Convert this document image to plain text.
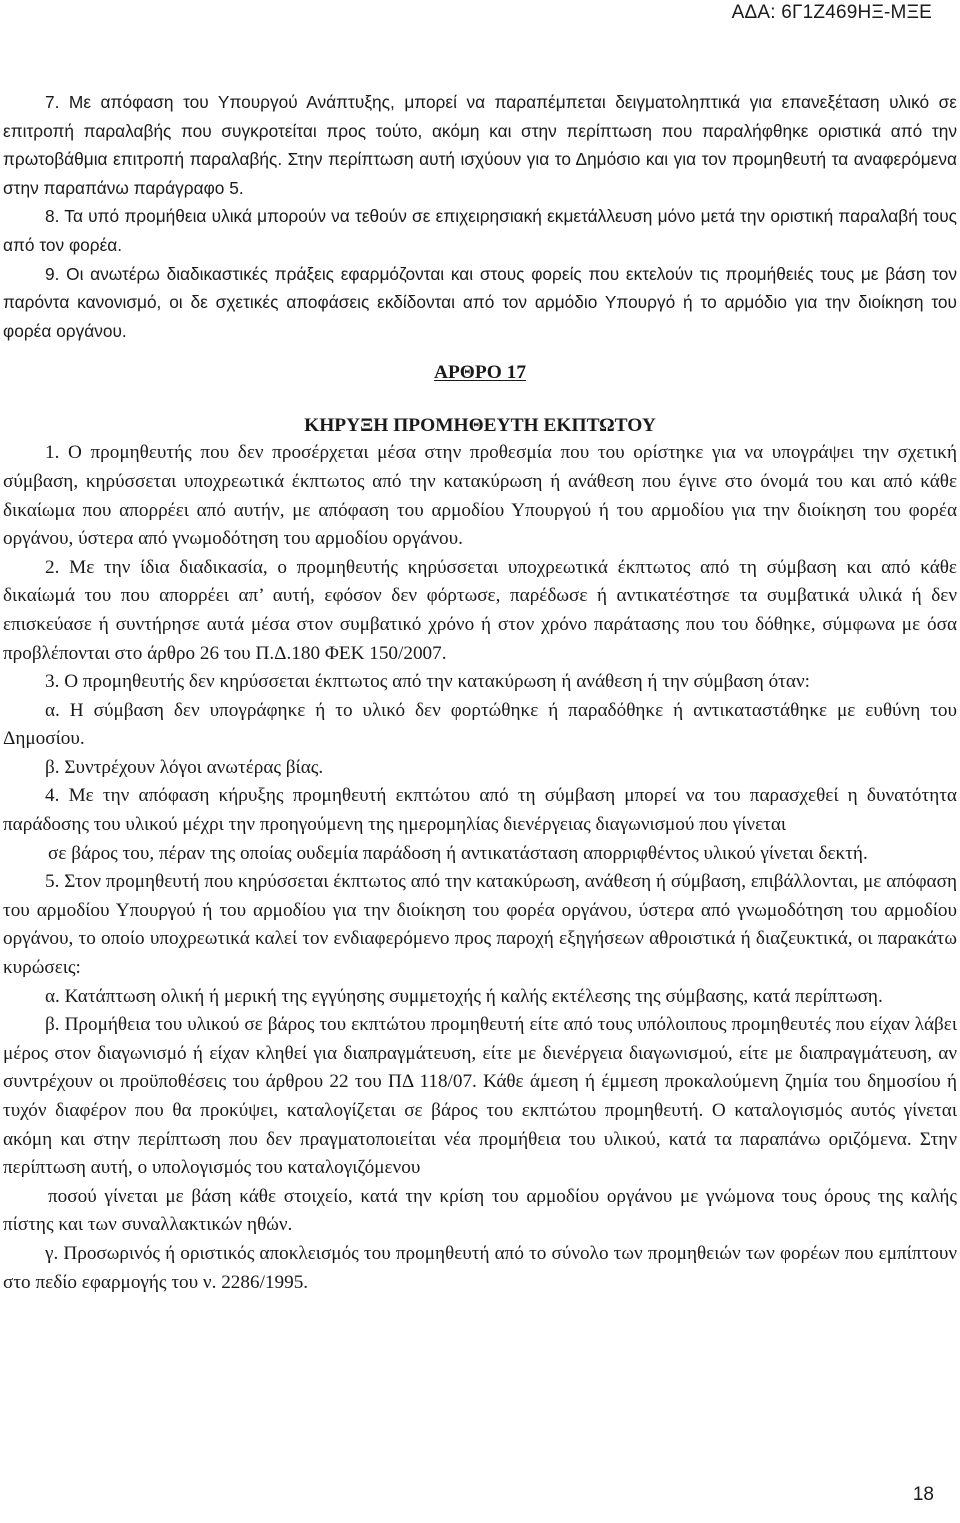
ΑΔΑ: 6Γ1Ζ469ΗΞ-ΜΞΕ

7. Με απόφαση του Υπουργού Ανάπτυξης, μπορεί να παραπέμπεται δειγματοληπτικά για επανεξέταση υλικό σε επιτροπή παραλαβής που συγκροτείται προς τούτο, ακόμη και στην περίπτωση που παραλήφθηκε οριστικά από την πρωτοβάθμια επιτροπή παραλαβής. Στην περίπτωση αυτή ισχύουν για το Δημόσιο και για τον προμηθευτή τα αναφερόμενα στην παραπάνω παράγραφο 5.

8. Τα υπό προμήθεια υλικά μπορούν να τεθούν σε επιχειρησιακή εκμετάλλευση μόνο μετά την οριστική παραλαβή τους από τον φορέα.

9. Οι ανωτέρω διαδικαστικές πράξεις εφαρμόζονται και στους φορείς που εκτελούν τις προμήθειές τους με βάση τον παρόντα κανονισμό, οι δε σχετικές αποφάσεις εκδίδονται από τον αρμόδιο Υπουργό ή το αρμόδιο για την διοίκηση του φορέα οργάνου.

ΑΡΘΡΟ 17

ΚΗΡΥΞΗ ΠΡΟΜΗΘΕΥΤΗ ΕΚΠΤΩΤΟΥ

1. Ο προμηθευτής που δεν προσέρχεται μέσα στην προθεσμία που του ορίστηκε για να υπογράψει την σχετική σύμβαση, κηρύσσεται υποχρεωτικά έκπτωτος από την κατακύρωση ή ανάθεση που έγινε στο όνομά του και από κάθε δικαίωμα που απορρέει από αυτήν, με απόφαση του αρμοδίου Υπουργού ή του αρμοδίου για την διοίκηση του φορέα οργάνου, ύστερα από γνωμοδότηση του αρμοδίου οργάνου.

2. Με την ίδια διαδικασία, ο προμηθευτής κηρύσσεται υποχρεωτικά έκπτωτος από τη σύμβαση και από κάθε δικαίωμά του που απορρέει απ’ αυτή, εφόσον δεν φόρτωσε, παρέδωσε ή αντικατέστησε τα συμβατικά υλικά ή δεν επισκεύασε ή συντήρησε αυτά μέσα στον συμβατικό χρόνο ή στον χρόνο παράτασης που του δόθηκε, σύμφωνα με όσα προβλέπονται στο άρθρο 26 του Π.Δ.180 ΦΕΚ 150/2007.

3. Ο προμηθευτής δεν κηρύσσεται έκπτωτος από την κατακύρωση ή ανάθεση ή την σύμβαση όταν:

α. Η σύμβαση δεν υπογράφηκε ή το υλικό δεν φορτώθηκε ή παραδόθηκε ή αντικαταστάθηκε με ευθύνη του Δημοσίου.

β. Συντρέχουν λόγοι ανωτέρας βίας.

4. Με την απόφαση κήρυξης προμηθευτή εκπτώτου από τη σύμβαση μπορεί να του παρασχεθεί η δυνατότητα παράδοσης του υλικού μέχρι την προηγούμενη της ημερομηλίας διενέργειας διαγωνισμού που γίνεται

σε βάρος του, πέραν της οποίας ουδεμία παράδοση ή αντικατάσταση απορριφθέντος υλικού γίνεται δεκτή.

5. Στον προμηθευτή που κηρύσσεται έκπτωτος από την κατακύρωση, ανάθεση ή σύμβαση, επιβάλλονται, με απόφαση του αρμοδίου Υπουργού ή του αρμοδίου για την διοίκηση του φορέα οργάνου, ύστερα από γνωμοδότηση του αρμοδίου οργάνου, το οποίο υποχρεωτικά καλεί τον ενδιαφερόμενο προς παροχή εξηγήσεων αθροιστικά ή διαζευκτικά, οι παρακάτω κυρώσεις:

α. Κατάπτωση ολική ή μερική της εγγύησης συμμετοχής ή καλής εκτέλεσης της σύμβασης, κατά περίπτωση.

β. Προμήθεια του υλικού σε βάρος του εκπτώτου προμηθευτή είτε από τους υπόλοιπους προμηθευτές που είχαν λάβει μέρος στον διαγωνισμό ή είχαν κληθεί για διαπραγμάτευση, είτε με διενέργεια διαγωνισμού, είτε με διαπραγμάτευση, αν συντρέχουν οι προϋποθέσεις του άρθρου 22 του ΠΔ 118/07. Κάθε άμεση ή έμμεση προκαλούμενη ζημία του δημοσίου ή τυχόν διαφέρον που θα προκύψει, καταλογίζεται σε βάρος του εκπτώτου προμηθευτή. Ο καταλογισμός αυτός γίνεται ακόμη και στην περίπτωση που δεν πραγματοποιείται νέα προμήθεια του υλικού, κατά τα παραπάνω οριζόμενα. Στην περίπτωση αυτή, ο υπολογισμός του καταλογιζόμενου

ποσού γίνεται με βάση κάθε στοιχείο, κατά την κρίση του αρμοδίου οργάνου με γνώμονα τους όρους της καλής πίστης και των συναλλακτικών ηθών.

γ. Προσωρινός ή οριστικός αποκλεισμός του προμηθευτή από το σύνολο των προμηθειών των φορέων που εμπίπτουν στο πεδίο εφαρμογής του ν. 2286/1995.

18
